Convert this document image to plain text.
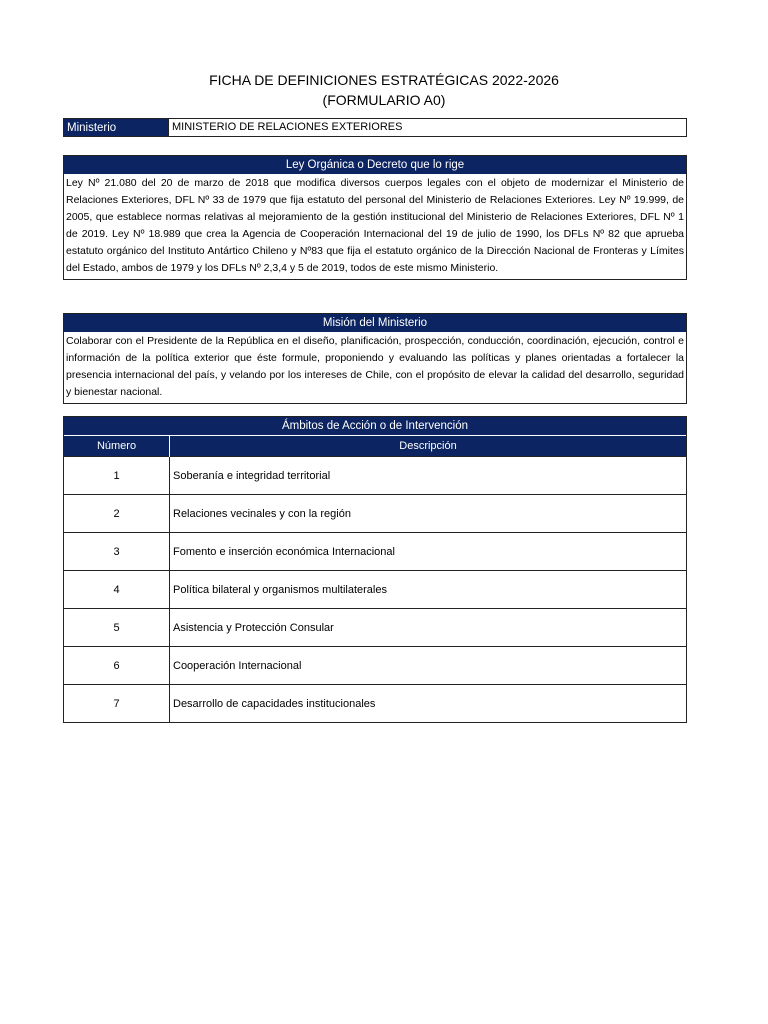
FICHA DE DEFINICIONES ESTRATÉGICAS 2022-2026
(FORMULARIO A0)
Ministerio	MINISTERIO DE RELACIONES EXTERIORES
Ley Orgánica o Decreto que lo rige
Ley Nº 21.080 del 20 de marzo de 2018 que modifica diversos cuerpos legales con el objeto de modernizar el Ministerio de Relaciones Exteriores, DFL Nº 33 de 1979 que fija estatuto del personal del Ministerio de Relaciones Exteriores. Ley Nº 19.999, de 2005, que establece normas relativas al mejoramiento de la gestión institucional del Ministerio de Relaciones Exteriores, DFL Nº 1 de 2019. Ley Nº 18.989 que crea la Agencia de Cooperación Internacional del 19 de julio de 1990, los DFLs Nº 82 que aprueba estatuto orgánico del Instituto Antártico Chileno y Nº83 que fija el estatuto orgánico de la Dirección Nacional de Fronteras y Límites del Estado, ambos de 1979 y los DFLs Nº 2,3,4 y 5 de 2019, todos de este mismo Ministerio.
Misión del Ministerio
Colaborar con el Presidente de la República en el diseño, planificación, prospección, conducción, coordinación, ejecución, control e información de la política exterior que éste formule, proponiendo y evaluando las políticas y planes orientadas a fortalecer la presencia internacional del país, y velando por los intereses de Chile, con el propósito de elevar la calidad del desarrollo, seguridad y bienestar nacional.
Ámbitos de Acción o de Intervención
Número	Descripción
1	Soberanía e integridad territorial
2	Relaciones vecinales y con la región
3	Fomento e inserción económica Internacional
4	Política bilateral y organismos multilaterales
5	Asistencia y Protección Consular
6	Cooperación Internacional
7	Desarrollo de capacidades institucionales
